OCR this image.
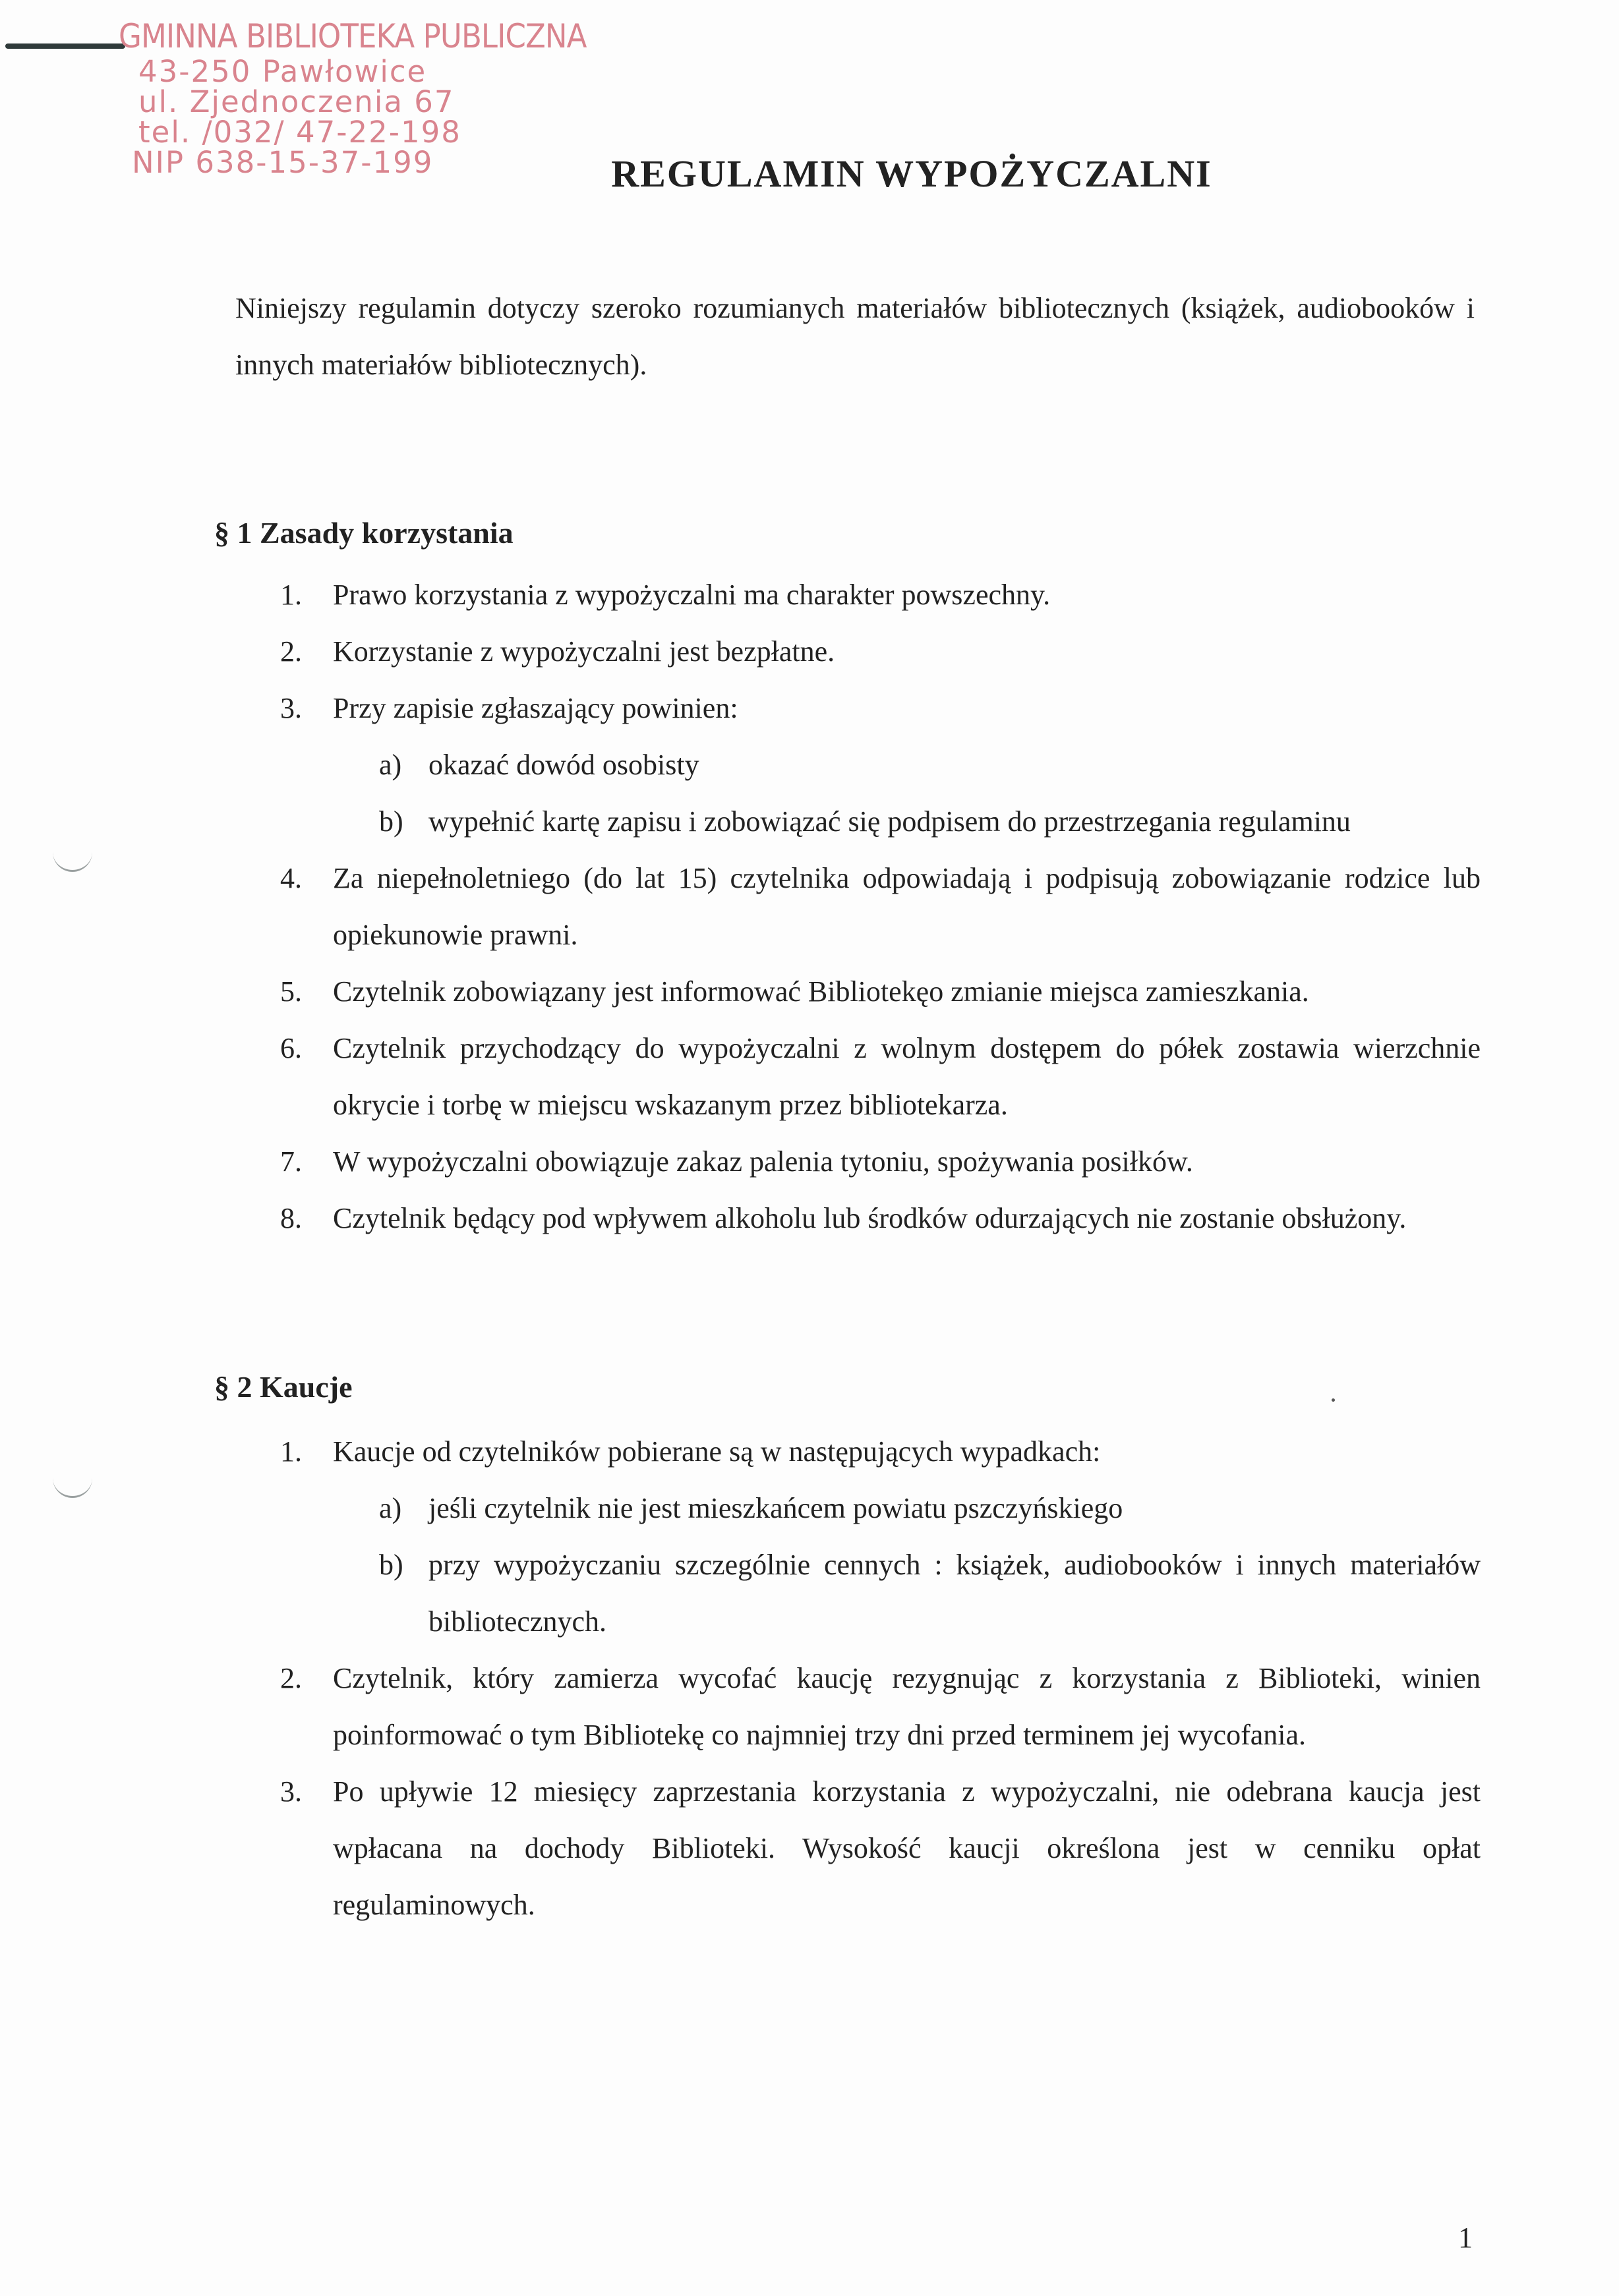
GMINNA BIBLIOTEKA PUBLICZNA
43-250 Pawłowice
ul. Zjednoczenia 67
tel. /032/ 47-22-198
NIP 638-15-37-199	REGULAMIN WYPOŻYCZALNI
Niniejszy regulamin dotyczy szeroko rozumianych materiałów bibliotecznych (książek, audiobooków i innych materiałów bibliotecznych).
§ 1 Zasady korzystania
1. Prawo korzystania z wypożyczalni ma charakter powszechny.
2. Korzystanie z wypożyczalni jest bezpłatne.
3. Przy zapisie zgłaszający powinien:
a) okazać dowód osobisty
b) wypełnić kartę zapisu i zobowiązać się podpisem do przestrzegania regulaminu
4. Za niepełnoletniego (do lat 15) czytelnika odpowiadają i podpisują zobowiązanie rodzice lub opiekunowie prawni.
5. Czytelnik zobowiązany jest informować Bibliotekęo zmianie miejsca zamieszkania.
6. Czytelnik przychodzący do wypożyczalni z wolnym dostępem do półek zostawia wierzchnie okrycie i torbę w miejscu wskazanym przez bibliotekarza.
7. W wypożyczalni obowiązuje zakaz palenia tytoniu, spożywania posiłków.
8. Czytelnik będący pod wpływem alkoholu lub środków odurzających nie zostanie obsłużony.
§ 2 Kaucje
1. Kaucje od czytelników pobierane są w następujących wypadkach:
a) jeśli czytelnik nie jest mieszkańcem powiatu pszczyńskiego
b) przy wypożyczaniu szczególnie cennych : książek, audiobooków i innych materiałów bibliotecznych.
2. Czytelnik, który zamierza wycofać kaucję rezygnując z korzystania z Biblioteki, winien poinformować o tym Bibliotekę co najmniej trzy dni przed terminem jej wycofania.
3. Po upływie 12 miesięcy zaprzestania korzystania z wypożyczalni, nie odebrana kaucja jest wpłacana na dochody Biblioteki. Wysokość kaucji określona jest w cenniku opłat regulaminowych.
1
